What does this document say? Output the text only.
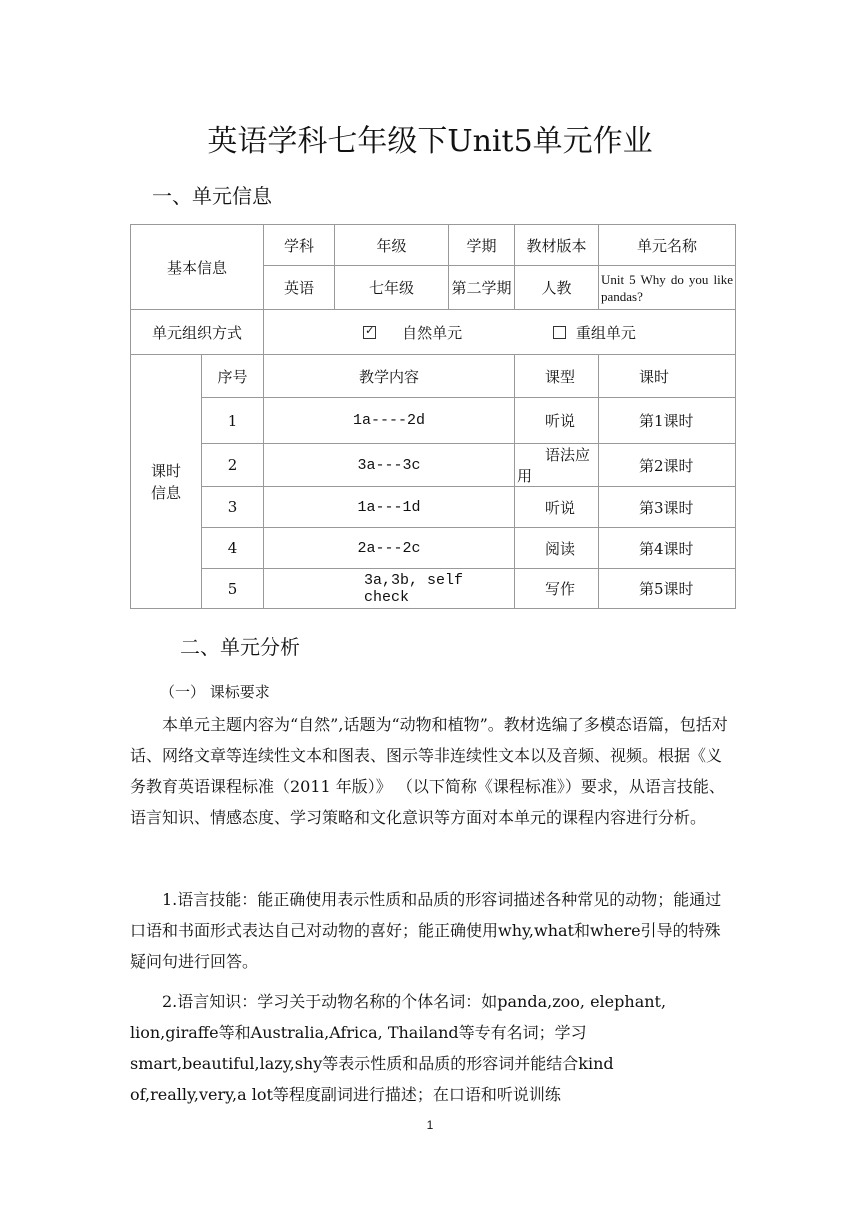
英语学科七年级下Unit5单元作业
一、单元信息
基本信息		学科	年级	学期	教材版本	单元名称
		英语	七年级	第二学期	人教	Unit 5 Why do you like pandas?

单元组织方式	✓自然单元 重组单元

课时信息	序号	教学内容			课型	课时
	1	1a----2d			听说	第1课时
	2	3a---3c			语法应用	第2课时
	3	1a---1d			听说	第3课时
	4	2a---2c			阅读	第4课时
	5	3a,3b, self check			写作	第5课时
二、单元分析
（一） 课标要求

本单元主题内容为“自然”,话题为“动物和植物”。教材选编了多模态语篇，包括对话、网络文章等连续性文本和图表、图示等非连续性文本以及音频、视频。根据《义务教育英语课程标准（2011 年版）》 （以下简称《课程标准》）要求，从语言技能、语言知识、情感态度、学习策略和文化意识等方面对本单元的课程内容进行分析。

1.语言技能：能正确使用表示性质和品质的形容词描述各种常见的动物；能通过口语和书面形式表达自己对动物的喜好；能正确使用why,what和where引导的特殊疑问句进行回答。

2.语言知识：学习关于动物名称的个体名词：如panda,zoo, elephant, lion,giraffe等和Australia,Africa, Thailand等专有名词；学习smart,beautiful,lazy,shy等表示性质和品质的形容词并能结合kind of,really,very,a lot等程度副词进行描述；在口语和听说训练

1
